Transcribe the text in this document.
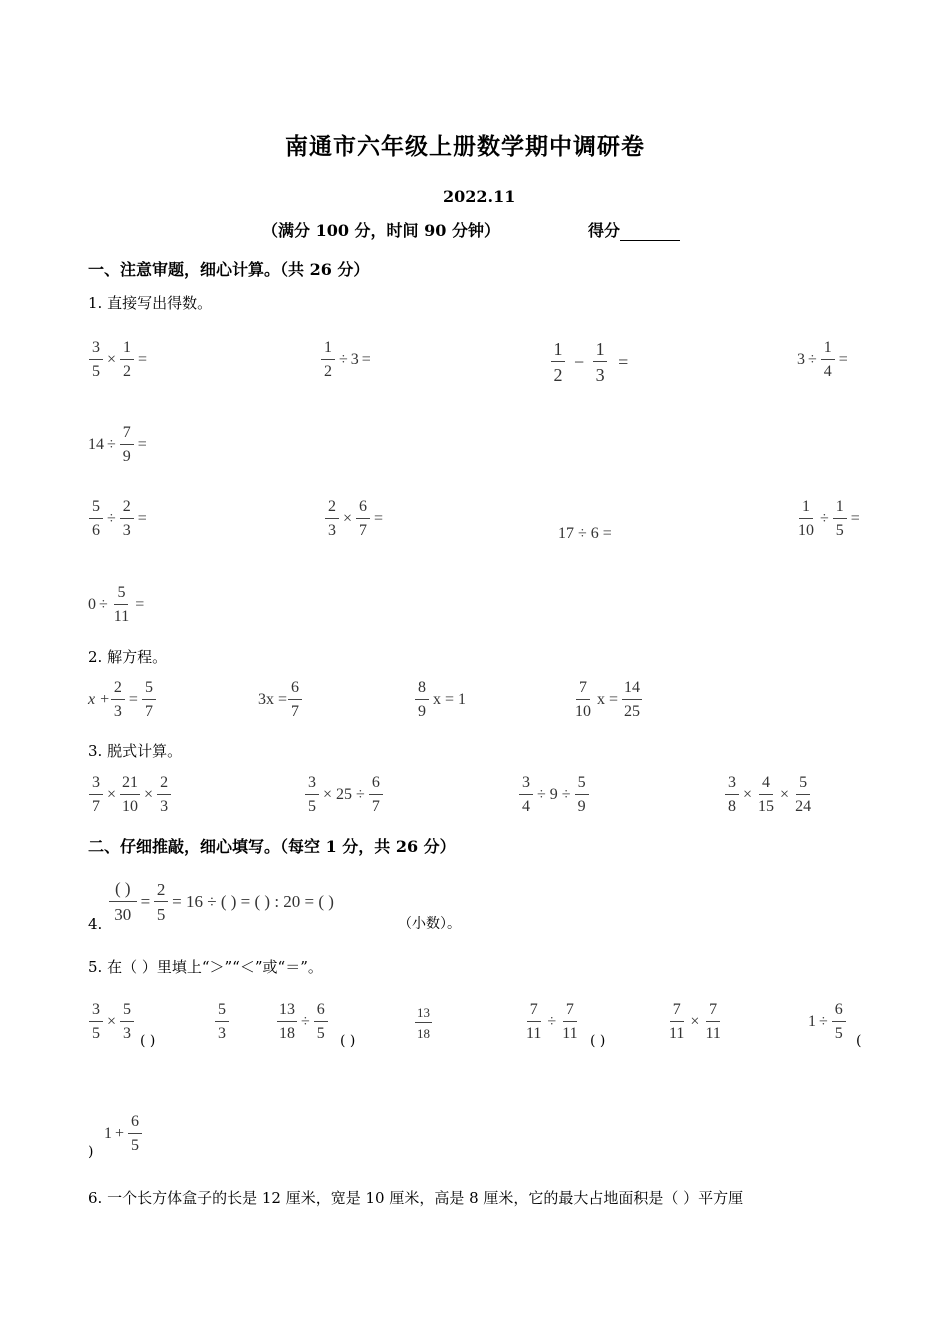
南通市六年级上册数学期中调研卷
2022.11
（满分 100 分，时间 90 分钟）	得分
一、注意审题，细心计算。（共 26 分）
1. 直接写出得数。
$\frac{3}{5} \times \frac{1}{2}$ =	$\frac{1}{2} \div 3$ =	$\frac{1}{2} - \frac{1}{3}$ =	$3 \div \frac{1}{4}$ =
$14 \div \frac{7}{9}$ =
$\frac{5}{6} \div \frac{2}{3}$ =	$\frac{2}{3} \times \frac{6}{7}$ =
17 ÷ 6 =	$\frac{1}{10} \div \frac{1}{5}$ =
$0 \div \frac{5}{11}$ =
2. 解方程。
$x + \frac{2}{3} = \frac{5}{7}$	$3x = \frac{6}{7}$	$\frac{8}{9}$ x = 1	$\frac{7}{10}$ $x = \frac{14}{25}$
3. 脱式计算。
$\frac{3}{7} \times \frac{21}{10} \times \frac{2}{3}$	$\frac{3}{5} \times 25 \div \frac{6}{7}$	$\frac{3}{4} \div 9 \div \frac{5}{9}$	$\frac{3}{8} \times \frac{4}{15} \times \frac{5}{24}$
二、仔细推敲，细心填写。（每空 1 分，共 26 分）
4.
$\frac{( )}{30} = \frac{2}{5} = 16$ ÷ ( ) = ( ) : 20 = ( )
（小数）。
5. 在（ ）里填上“＞”“＜”或“＝”。
$\frac{3}{5} \times \frac{5}{3}$ ( )	$\frac{5}{3}$	$\frac{13}{18} \div \frac{6}{5}$ ( )
$\frac{13}{18}$	$\frac{7}{11} \div \frac{7}{11}$ ( )	$\frac{7}{11} \times \frac{7}{11}$	$1 \div \frac{6}{5}$ (
)
$1 + \frac{6}{5}$
6. 一个长方体盒子的长是 12 厘米，宽是 10 厘米，高是 8 厘米，它的最大占地面积是（ ）平方厘
